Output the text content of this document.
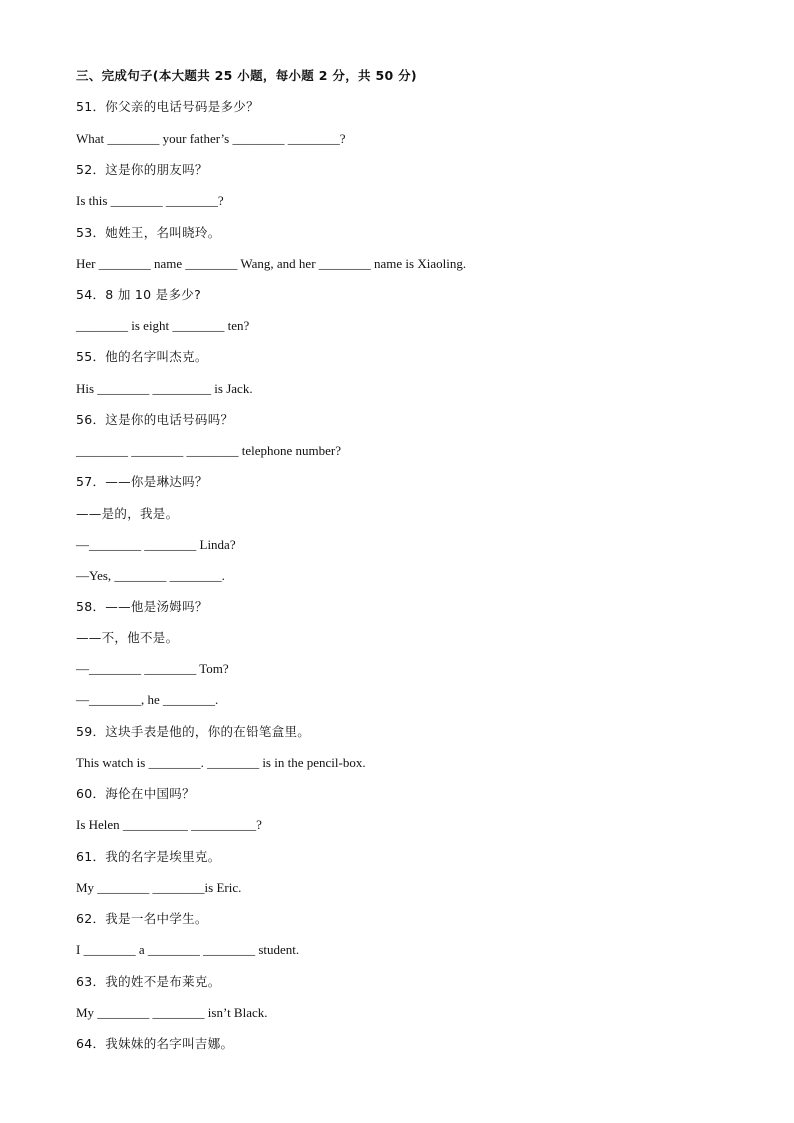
三、完成句子(本大题共 25 小题，每小题 2 分，共 50 分)
51．你父亲的电话号码是多少？
What ________ your father’s ________ ________?
52．这是你的朋友吗？
Is this ________ ________?
53．她姓王，名叫晓玲。
Her ________ name ________ Wang, and her ________ name is Xiaoling.
54．8 加 10 是多少?
________ is eight ________ ten?
55．他的名字叫杰克。
His ________ _________ is Jack.
56．这是你的电话号码吗？
________ ________ ________ telephone number?
57．——你是琳达吗？
——是的，我是。
—________ ________ Linda?
—Yes, ________ ________.
58．——他是汤姆吗？
——不，他不是。
—________ ________ Tom?
—________, he ________.
59．这块手表是他的，你的在铅笔盒里。
This watch is ________. ________ is in the pencil-box.
60．海伦在中国吗？
Is Helen __________ __________?
61．我的名字是埃里克。
My ________ ________is Eric.
62．我是一名中学生。
I ________ a ________ ________ student.
63．我的姓不是布莱克。
My ________ ________ isn’t Black.
64．我妹妹的名字叫吉娜。
